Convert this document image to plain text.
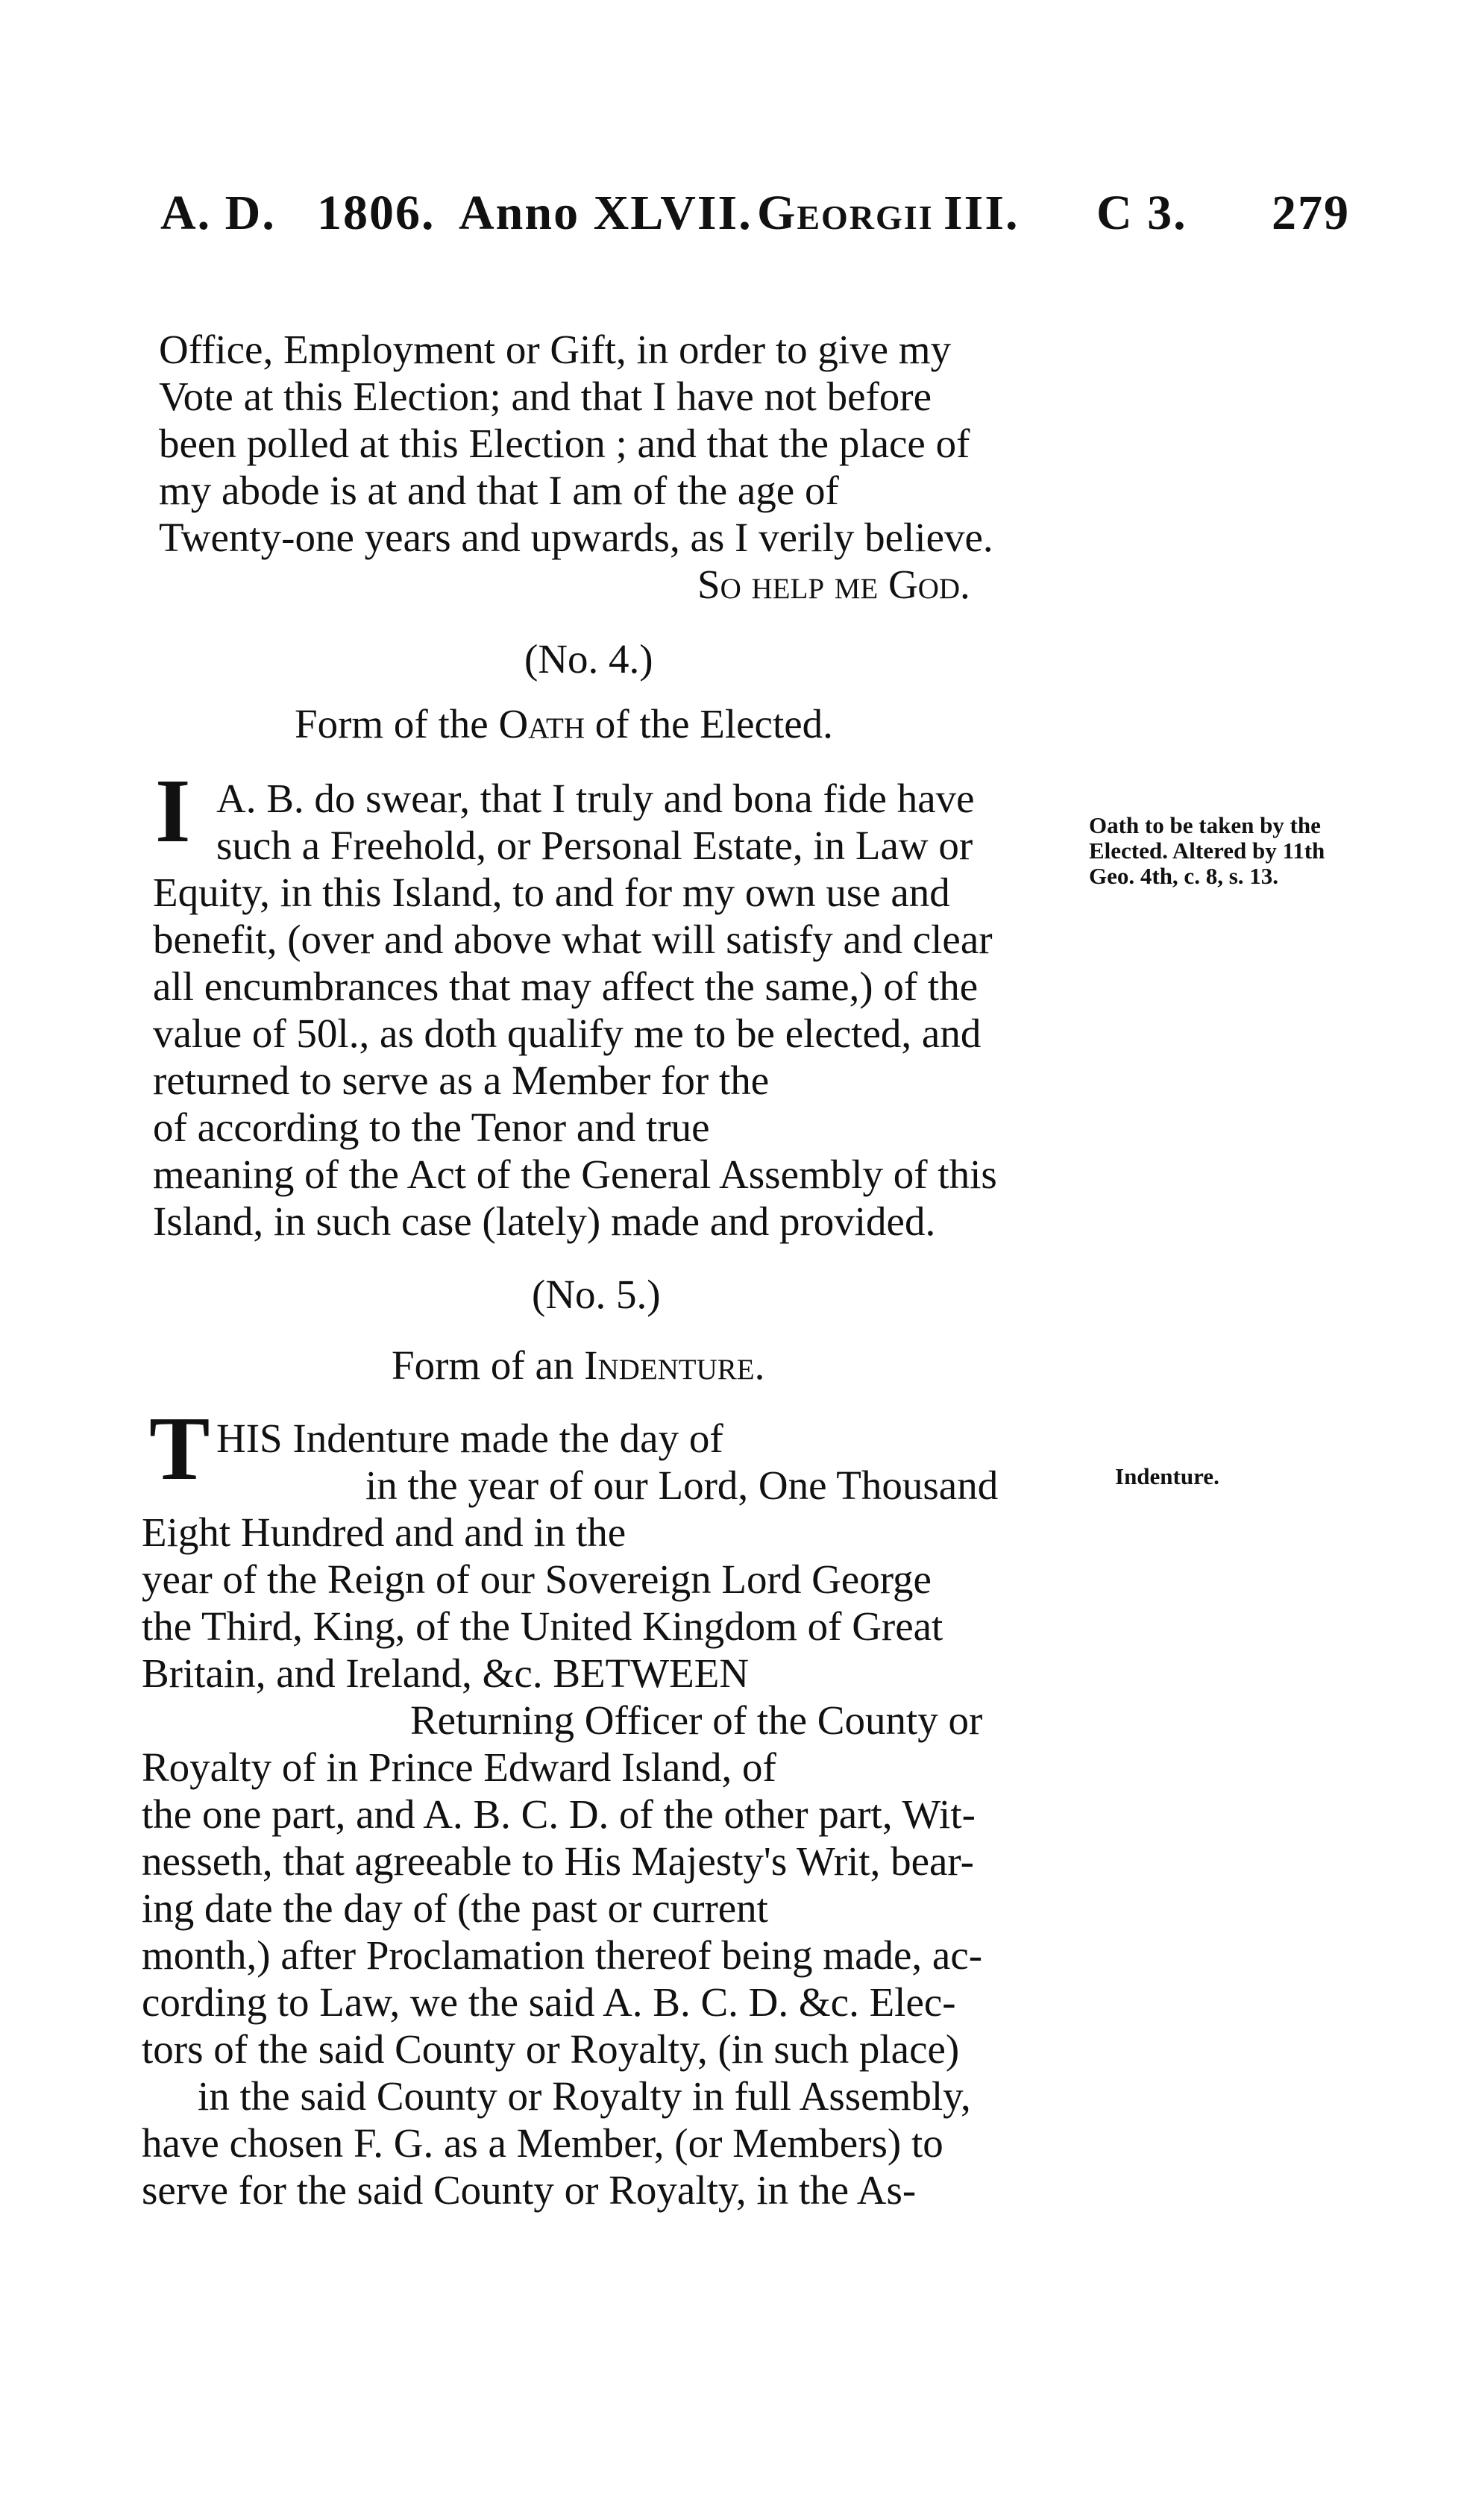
A. D. 1806. Anno XLVII. Georgii III. C 3. 279
Office, Employment or Gift, in order to give my
Vote at this Election; and that I have not before
been polled at this Election ; and that the place of
my abode is at and that I am of the age of
Twenty-one years and upwards, as I verily believe.
So help me God.
(No. 4.)
Form of the Oath of the Elected.
I A. B. do swear, that I truly and bona fide have
such a Freehold, or Personal Estate, in Law or
Equity, in this Island, to and for my own use and
benefit, (over and above what will satisfy and clear
all encumbrances that may affect the same,) of the
value of 50l., as doth qualify me to be elected, and
returned to serve as a Member for the
of according to the Tenor and true
meaning of the Act of the General Assembly of this
Island, in such case (lately) made and provided.
Oath to be taken by the Elected. Altered by 11th Geo. 4th, c. 8, s. 13.
(No. 5.)
Form of an Indenture.
T HIS Indenture made the day of
in the year of our Lord, One Thousand
Eight Hundred and and in the
year of the Reign of our Sovereign Lord George
the Third, King, of the United Kingdom of Great
Britain, and Ireland, &c. BETWEEN
Returning Officer of the County or
Royalty of in Prince Edward Island, of
the one part, and A. B. C. D. of the other part, Wit-
nesseth, that agreeable to His Majesty's Writ, bear-
ing date the day of (the past or current
month,) after Proclamation thereof being made, ac-
cording to Law, we the said A. B. C. D. &c. Elec-
tors of the said County or Royalty, (in such place)
in the said County or Royalty in full Assembly,
have chosen F. G. as a Member, (or Members) to
serve for the said County or Royalty, in the As-
Indenture.
